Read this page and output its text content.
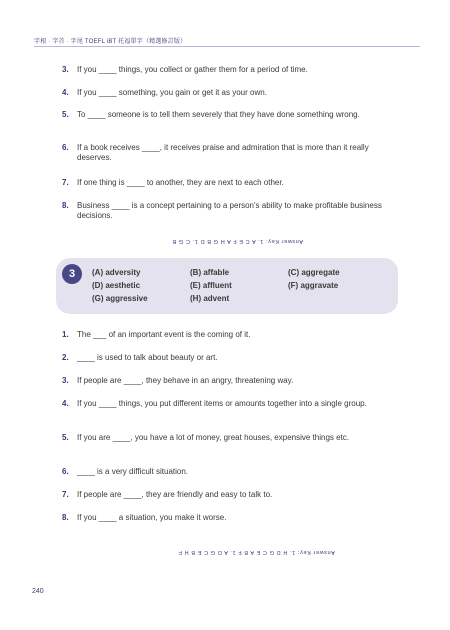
字根 · 字首 · 字尾 TOEFL iBT 托福單字（精選修訂版）
3.	If you ____ things, you collect or gather them for a period of time.
4.	If you ____ something, you gain or get it as your own.
5.	To ____ someone is to tell them severely that they have done something wrong.
6.	If a book receives ____, it receives praise and admiration that is more than it really deserves.
7.	If one thing is ____ to another, they are next to each other.
8.	Business ____ is a concept pertaining to a person's ability to make profitable business decisions.
Answer Key: 1. A C E F A H G B D 1. C G B
3	(A) adversity	(B) affable	(C) aggregate
(D) aesthetic	(E) affluent	(F) aggravate
(G) aggressive	(H) advent
1.	The ___ of an important event is the coming of it.
2.	____ is used to talk about beauty or art.
3.	If people are ____, they behave in an angry, threatening way.
4.	If you ____ things, you put different items or amounts together into a single group.
5.	If you are ____, you have a lot of money, great houses, expensive things etc.
6.	____ is a very difficult situation.
7.	If people are ____, they are friendly and easy to talk to.
8.	If you ____ a situation, you make it worse.
Answer Key: 1. H D G C E A B F 1. A D G C E B H F
240
